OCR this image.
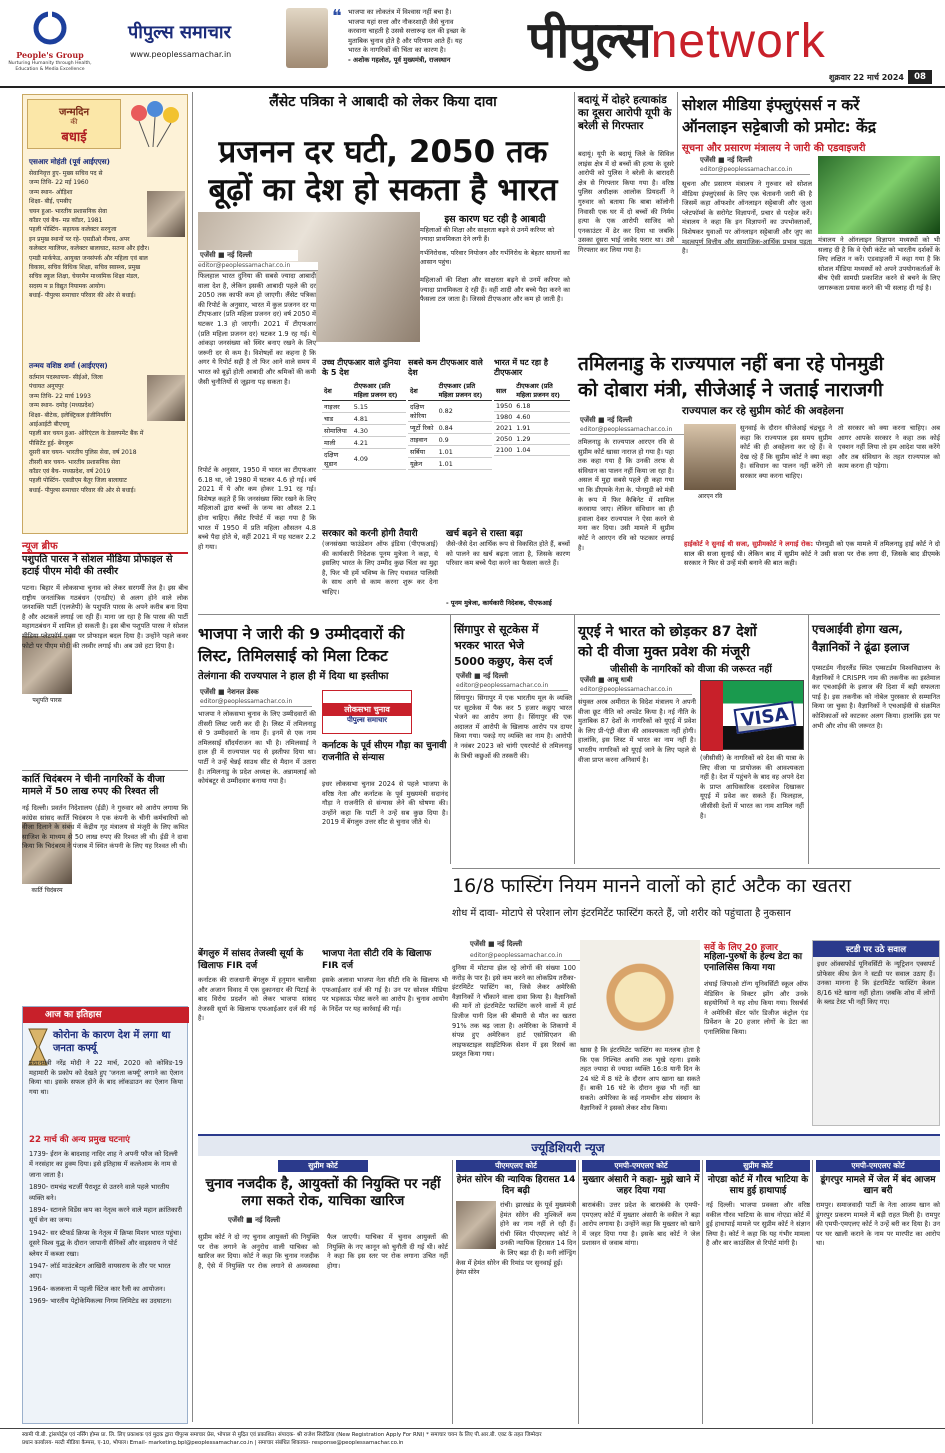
People's Group
Nurturing Humanity through Health, Education & Media Excellence
पीपुल्स समाचार
www.peoplessamachar.in
❝ भाजपा का लोकतंत्र में विश्वास नहीं बचा है।
भाजपा यहां सत्ता और नौकरशाही जैसे चुनाव
करवाना चाहती है उससे सत्तारूढ़ दल की इच्छा के
मुताबिक चुनाव होते है और परिणाम आते हैं। यह
भारत के नागरिकों की चिंता का कारण है।
- अशोक गहलोत, पूर्व मुख्यमंत्री, राजस्थान	पीपुल्सnetwork
शुक्रवार 22 मार्च 2024	08
जन्मदिन
की
बधाई
एसआर मोहंती (पूर्व आईएएस)
सेवानिवृत्त हुए- मुख्य सचिव पद से
जन्म तिथि- 22 मई 1960
जन्म स्थान- ओड़िशा
शिक्षा- बीई, एमबीए
चयन हुआ- भारतीय प्रशासनिक सेवा
कॉडर एवं बैच- मप्र कॉडर, 1981
पहली पोस्टिंग- सहायक कलेक्टर सरगुजा
इन प्रमुख स्थानों पर रहे- एसडीओ नीमच, अपर
कलेक्टर ग्वालियर, कलेक्टर बालाघाट, सतना और इंदौर।
एमडी मार्कफेड, आयुक्त जनसंपर्क और महिला एवं बाल
विकास, सचिव विधिक शिक्षा, सचिव स्वास्थ्य, प्रमुख
सचिव स्कूल शिक्षा, चेयरमैन माध्यमिक शिक्षा मंडल,
सदस्य म प्र विद्युत नियामक आयोग।
बधाई- पीपुल्स समाचार परिवार की ओर से बधाई।
तन्मय वशिष्ठ शर्मा (आईएएस)
वर्तमान पदस्थापना- सीईओ, जिला
पंचायत अनूपपुर
जन्म तिथि- 22 मार्च 1993
जन्म स्थान- दमोह (मध्यप्रदेश)
शिक्षा- बीटेक, इलेक्ट्रिकल इंजीनियरिंग
आईआईटी बीएचयू
पहली बार चयन हुआ- ओरिएंटल के डेवलपमेंट बैंक में
पीसिटेंट हुई- बेंगलुरू
दूसरी बार चयन- भारतीय पुलिस सेवा, वर्ष 2018
तीसरी बार चयन- भारतीय प्रशासनिक सेवा
कॉडर एवं बैच- मध्यप्रदेश, वर्ष 2019
पहली पोस्टिंग- एसडीएम बैतूर जिला बालाघाट
बधाई- पीपुल्स समाचार परिवार की ओर से बधाई।
न्यूज ब्रीफ
पशुपति पारस ने सोशल मीडिया प्रोफाइल से हटाई पीएम मोदी की तस्वीर
पशुपति पारस
पटना। बिहार में लोकसभा चुनाव को लेकर सरगर्मी तेज है। इस बीच राष्ट्रीय जनतांत्रिक गठबंधन (एनडीए) से अलग होने वाले लोक जनशक्ति पार्टी (एलजेपी) के पशुपति पारस के अपने करीब बना दिया है और अटकलें लगाई जा रही हैं। माना जा रहा है कि पारस की पार्टी महागठबंधन में शामिल हो सकती है। इस बीच पशुपति पारस ने सोशल मीडिया प्लेटफॉर्म एक्स पर प्रोफाइल बदल दिया है। उन्होंने पहले कवर फोटो पर पीएम मोदी की तस्वीर लगाई थी। अब उसे हटा दिया है।
कार्ति चिदंबरम ने चीनी नागरिकों के वीजा मामले में 50 लाख रुपए की रिश्वत ली
कार्ति चिदंबरम
नई दिल्ली। प्रवर्तन निदेशालय (ईडी) ने गुरुवार को आरोप लगाया कि कांग्रेस सांसद कार्ति चिदंबरम ने एक कंपनी के चीनी कर्मचारियों को वीजा दिलाने के संबंध में केंद्रीय गृह मंत्रालय से मंजूरी के लिए कथित साजिश के माध्यम से 50 लाख रुपए की रिश्वत ली थी। ईडी ने दावा किया कि चिदंबरम ने पंजाब में स्थित कंपनी के लिए यह रिश्वत ली थी।
आज का इतिहास
कोरोना के कारण देश में लगा था जनता कर्फ्यू
प्रधानमंत्री नरेंद्र मोदी ने 22 मार्च, 2020 को कोविड-19 महामारी के प्रकोप को देखते हुए 'जनता कर्फ्यू' लगाने का ऐलान किया था। इसके सफल होने के बाद लॉकडाउन का ऐलान किया गया था।
22 मार्च की अन्य प्रमुख घटनाएं
1739- ईरान के बादशाह नादिर शाह ने अपनी फौज को दिल्ली में नरसंहार का हुक्म दिया। इसे इतिहास में कत्लेआम के नाम से जाना जाता है।
1890- रामचंद्र चटर्जी पैराशूट से उतरने वाले पहले भारतीय व्यक्ति बने।
1894- स्टानले विडेंस कप का नेतृत्व करने वाले महान क्रांतिकारी सूर्य सेन का जन्म।
1942- सर स्टैफर्ड क्रिप्स के नेतृत्व में क्रिप्स मिशन भारत पहुंचा। दूसरे विश्व युद्ध के दौरान जापानी सैनिकों और वाइसराय ने पोर्ट ब्लेयर में कब्जा रखा।
1947- लॉर्ड माउंटबेटन आखिरी वायसराय के तौर पर भारत आए।
1964- कलकत्ता में पहली विंटेज कार रैली का आयोजन।
1969- भारतीय पेट्रोकेमिकल्स निगम लिमिटेड का उदघाटन।
लैंसेट पत्रिका ने आबादी को लेकर किया दावा
प्रजनन दर घटी, 2050 तक
बूढ़ों का देश हो सकता है भारत
इस कारण घट रही है आबादी
महिलाओं की शिक्षा और साक्षरता बढ़ने से उनमें करियर को ज्यादा प्राथमिकता देने लगी हैं।
गर्भनिरोधक, परिवार नियोजन और गर्भनिरोध के बेहतर साधनों का आसान पहुंच।
एजेंसी ■ नई दिल्ली
editor@peoplessamachar.co.in
फिलहाल भारत दुनिया की सबसे ज्यादा आबादी वाला देश है, लेकिन इसकी आबादी पहले की दर 2050 तक काफी कम हो जाएगी। लैंसेट पत्रिका की रिपोर्ट के अनुसार, भारत में कुल प्रजनन दर या टीएफआर (प्रति महिला प्रजनन दर) वर्ष 2050 में घटकर 1.3 हो जाएगी। 2021 में टीएफआर (प्रति महिला प्रजनन दर) घटकर 1.9 रह गई। ये आंकड़ा जनसंख्या को स्थिर बनाए रखने के लिए जरूरी दर से कम है। विशेषज्ञों का कहना है कि अगर ये रिपोर्ट सही है तो फिर आने वाले समय में भारत को बूढ़ों होती आबादी और श्रमिकों की कमी जैसी चुनौतियों से जूझना पड़ सकता है।
रिपोर्ट के अनुसार, 1950 में भारत का टीएफआर 6.18 था, जो 1980 में घटकर 4.6 हो गई। वर्ष 2021 में ये और कम होकर 1.91 रह गई। विशेषज्ञ कहते हैं कि जनसंख्या स्थिर रखने के लिए महिलाओं द्वारा बच्चों के जन्म का औसत 2.1 होना चाहिए। लैंसेट रिपोर्ट में कहा गया है कि भारत में 1950 में प्रति महिला औसतन 4.8 बच्चे पैदा होते थे, वहीं 2021 में यह घटकर 2.2 हो गया।
महिलाओं की शिक्षा और साक्षरता बढ़ने से उनमें करियर को ज्यादा प्राथमिकता दे रही हैं। वहीं शादी और बच्चे पैदा करने का फैसला टल जाता है। जिससे टीएफआर और कम हो जाती है।
उच्च टीएफआर वाले दुनिया के 5 देश
देश	टीएफआर (प्रति महिला प्रजनन दर)
नाइजर	5.15
चाड	4.81
सोमालिया	4.30
माली	4.21
दक्षिण सूडान	4.09
सबसे कम टीएफआर वाले देश
देश	टीएफआर (प्रति महिला प्रजनन दर)
दक्षिण कोरिया	0.82
प्यूर्टो रिको	0.84
ताइवान	0.9
सर्बिया	1.01
यूक्रेन	1.01
भारत में घट रहा है टीएफआर
साल	टीएफआर (प्रति महिला प्रजनन दर)
1950	6.18
1980	4.60
2021	1.91
2050	1.29
2100	1.04
सरकार को करनी होगी तैयारी
(जनसंख्या फाउंडेशन ऑफ इंडिया (पीएफआई) की कार्यकारी निदेशक पूनम मुत्रेजा ने कहा, ये इसलिए भारत के लिए उम्मीद कुछ चिंता का मुद्दा है, फिर भी हमें भविष्य के लिए यथावत पालिसी के साथ आगे से काम करना शुरू कर देना चाहिए।
खर्च बढ़ने से रास्ता बढ़ा
जैसे-जैसे देश आर्थिक रूप से विकसित होते हैं, बच्चों को पालने का खर्च बढ़ता जाता है, जिसके कारण परिवार कम बच्चे पैदा करने का फैसला करते हैं।
- पूनम मुत्रेजा, कार्यकारी निदेशक, पीएफआई
बदायूं में दोहरे हत्याकांड का दूसरा आरोपी यूपी के बरेली से गिरफ्तार
बदायूं। यूपी के बदायूं जिले के सिविल लाइंस क्षेत्र में दो बच्चों की हत्या के दूसरे आरोपी को पुलिस ने बरेली के बारादरी क्षेत्र से गिरफ्तार किया गया है। वरिष्ठ पुलिस अधीक्षक आलोक प्रियदर्शी ने गुरुवार को बताया कि बाबा कॉलोनी निवासी एक घर में दो बच्चों की निर्मम हत्या के एक आरोपी साजिद को एनकाउंटर में ढेर कर दिया था जबकि उसका दूसरा भाई जावेद फरार था। उसे गिरफ्तार कर लिया गया है।
सोशल मीडिया इंफ्लुएंसर्स न करें
ऑनलाइन सट्टेबाजी को प्रमोट: केंद्र
सूचना और प्रसारण मंत्रालय ने जारी की एडवाइजरी
एजेंसी ■ नई दिल्ली
editor@peoplessamachar.co.in
सूचना और प्रसारण मंत्रालय ने गुरुवार को सोशल मीडिया इंफ्लुएंसर्स के लिए एक चेतावनी जारी की है जिसमें कहा ऑफशोर ऑनलाइन सट्टेबाजी और जुआ प्लेटफॉर्म्स के सरोगेट विज्ञापनों, प्रचार से परहेज करें। मंत्रालय ने कहा कि इन विज्ञापनों का उपभोक्ताओं, विशेषकर युवाओं पर ऑनलाइन सट्टेबाजी और जुए का महत्वपूर्ण वित्तीय और सामाजिक-आर्थिक प्रभाव पड़ता है।
मंत्रालय ने ऑनलाइन विज्ञापन मध्यस्थों को भी सलाह दी है कि वे ऐसी कंटेंट को भारतीय दर्शकों के लिए लक्षित न करें। एडवाइजरी में कहा गया है कि सोशल मीडिया मध्यस्थों को अपने उपयोगकर्ताओं के बीच ऐसी सामग्री प्रकाशित करने से बचने के लिए जागरूकता प्रयास करने की भी सलाह दी गई है।
तमिलनाडु के राज्यपाल नहीं बना रहे पोनमुडी
को दोबारा मंत्री, सीजेआई ने जताई नाराजगी
राज्यपाल कर रहे सुप्रीम कोर्ट की अवहेलना
एजेंसी ■ नई दिल्ली
editor@peoplessamachar.co.in
तमिलनाडु के राज्यपाल आरएन रवि से सुप्रीम कोर्ट खासा नाराज हो गया है। पहा तक कहा गया है कि उनकी तरफ से संविधान का पालन नहीं किया जा रहा है। असल में मुद्दा सबसे पहले ही कहा गया था कि डीएमके नेता के. पोनमुडी को मंत्री के रूप में फिर कैबिनेट में शामिल करवाया जाए। लेकिन संविधान का ही हवाला देकर राज्यपाल ने ऐसा करने से मना कर दिया। उसी मामले में सुप्रीम कोर्ट ने आरएन रवि को फटकार लगाई है।
आरएन रवि
सुनवाई के दौरान सीजेआई चंद्रचूड़ ने कहा कि राज्यपाल इस समय सुप्रीम कोर्ट की ही अवहेलना कर रहे हैं। वे देख रहे हैं कि सुप्रीम कोर्ट ने क्या कहा है। संविधान का पालन नहीं करेंगे तो सरकार क्या करना चाहिए।
तो सरकार को क्या करना चाहिए। अब आगर आपके सरकार ने कहा तक कोई एक्शन नहीं लिया तो हम आदेश पास करेंगे और तब संविधान के तहत राज्यपाल को काम करना ही पड़ेगा।
हाईकोर्ट ने सुनाई थी सजा, सुप्रीमकोर्ट ने लगाई रोक: पोनमुडी को एक मामले में तमिलनाडु हाई कोर्ट ने दो साल की सजा सुनाई थी। लेकिन बाद में सुप्रीम कोर्ट ने उसी सजा पर रोक लगा दी, जिसके बाद डीएमके सरकार ने फिर से उन्हें मंत्री बनाने की बात कही।
भाजपा ने जारी की 9 उम्मीदवारों की
लिस्ट, तिमिलसाई को मिला टिकट
तेलंगाना की राज्यपाल ने हाल ही में दिया था इस्तीफा
एजेंसी ■ नेशनल डेस्क
editor@peoplessamachar.co.in
भाजपा ने लोकसभा चुनाव के लिए उम्मीदवारों की तीसरी लिस्ट जारी कर दी है। लिस्ट में तमिलनाडु से 9 उम्मीदवारों के नाम हैं। इनमें से एक नाम तमिलसाई सौंदर्यराजन का भी है। तमिलसाई ने हाल ही में राज्यपाल पद से इस्तीफा दिया था। पार्टी ने उन्हें चेन्नई साउथ सीट से मैदान में उतारा है। तमिलनाडु के प्रदेश अध्यक्ष के. अन्नामलाई को कोयंबटूर से उम्मीदवार बनाया गया है।
लोकसभा चुनाव
पीपुल्स समाचार
कर्नाटक के पूर्व सीएम गौड़ा का चुनावी राजनीति से संन्यास
इधर लोकसभा चुनाव 2024 से पहले भाजपा के वरिष्ठ नेता और कर्नाटक के पूर्व मुख्यमंत्री सदानंद गौड़ा ने राजनीति से संन्यास लेने की घोषणा की। उन्होंने कहा कि पार्टी ने उन्हें सब कुछ दिया है। 2019 में बेंगलुरु उत्तर सीट से चुनाव जीते थे।
बेंगलुरु में सांसद तेजस्वी सूर्या के खिलाफ FIR दर्ज
कर्नाटक की राजधानी बेंगलुरु में हनुमान चालीसा और अजान विवाद में एक दुकानदार की पिटाई के बाद विरोध प्रदर्शन को लेकर भाजपा सांसद तेजस्वी सूर्या के खिलाफ एफआईआर दर्ज की गई है।
भाजपा नेता सीटी रवि के खिलाफ FIR दर्ज
इसके अलावा भाजपा नेता सीटी रवि के खिलाफ भी एफआईआर दर्ज की गई है। उन पर सोशल मीडिया पर भड़काऊ पोस्ट करने का आरोप है। चुनाव आयोग के निर्देश पर यह कार्रवाई की गई।
सिंगापुर से सूटकेस में
भरकर भारत भेजे
5000 कछुए, केस दर्ज
एजेंसी ■ नई दिल्ली
editor@peoplessamachar.co.in
सिंगापुर। सिंगापुर में एक भारतीय मूल के व्यक्ति पर सूटकेस में पैक कर 5 हजार कछुए भारत भेजने का आरोप लगा है। सिंगापुर की एक अदालत में आरोपी के खिलाफ आरोप पत्र दायर किया गया। पकड़े गए व्यक्ति का नाम है। आरोपी ने नवंबर 2023 को चांगी एयरपोर्ट से तमिलनाडु के त्रिची कछुओं की तस्करी की।
यूएई ने भारत को छोड़कर 87 देशों
को दी वीजा मुक्त प्रवेश की मंजूरी
जीसीसी के नागरिकों को वीजा की जरूरत नहीं
एजेंसी ■ आबू धाबी
editor@peoplessamachar.co.in
संयुक्त अरब अमीरात के विदेश मंत्रालय ने अपनी वीजा छूट नीति को अपडेट किया है। नई नीति के मुताबिक 87 देशों के नागरिकों को यूएई में प्रवेश के लिए प्री-एंट्री वीजा की आवश्यकता नहीं होगी। हालांकि, इस लिस्ट में भारत का नाम नहीं है। भारतीय नागरिकों को यूएई जाने के लिए पहले से वीजा प्राप्त करना अनिवार्य है।
VISA
(जीसीसी) के नागरिकों को देश की यात्रा के लिए वीजा या प्रायोजक की आवश्यकता नहीं है। देश में पहुंचने के बाद वह अपने देश के प्राप्त आधिकारिक दस्तावेज दिखाकर यूएई में प्रवेश कर सकते हैं। फिलहाल, जीसीसी देशों में भारत का नाम शामिल नहीं है।
एचआईवी होगा खत्म,
वैज्ञानिकों ने ढूंढा इलाज
एम्सटर्डम नीदरलैंड स्थित एम्सटर्डम विश्वविद्यालय के वैज्ञानिकों ने CRISPR नाम की तकनीक का इस्तेमाल कर एचआईवी के इलाज की दिशा में बड़ी सफलता पाई है। इस तकनीक को नोबेल पुरस्कार से सम्मानित किया जा चुका है। वैज्ञानिकों ने एचआईवी से संक्रमित कोशिकाओं को काटकर अलग किया। हालांकि इस पर अभी और शोध की जरूरत है।
16/8 फास्टिंग नियम मानने वालों को हार्ट अटैक का खतरा
शोध में दावा- मोटापे से परेशान लोग इंटरमिटेंट फास्टिंग करते हैं, जो शरीर को पहुंचाता है नुकसान
एजेंसी ■ नई दिल्ली
editor@peoplessamachar.co.in
दुनिया में मोटापा झेल रहे लोगों की संख्या 100 करोड़ के पार है। इसे कम करने का लोकप्रिय तरीका- इंटरमिटेंट फास्टिंग का, जिसे लेकर अमेरिकी वैज्ञानिकों ने चौंकाने वाला दावा किया है। वैज्ञानिकों की मानें तो इंटरमिटेंट फास्टिंग करने वालों में हार्ट डिजीज यानी दिल की बीमारी से मौत का खतरा 91% तक बढ़ जाता है। अमेरिका के शिकागो में संपन्न हुए अमेरिकन हार्ट एसोसिएशन की लाइफस्टाइल साइंटिफिक सेशन में इस रिसर्च का प्रस्तुत किया गया।
खास है कि इंटरमिटेंट फास्टिंग का मतलब होता है कि एक निश्चित अवधि तक भूखे रहना। इसके तहत ज्यादा से ज्यादा व्यक्ति 16:8 यानी दिन के 24 घंटे में 8 घंटे के दौरान आप खाना खा सकते हैं। बाकी 16 घंटे के दौरान कुछ भी नहीं खा सकते। अमेरिका के कई नामचीन शोध संस्थान के वैज्ञानिकों ने इसको लेकर शोध किया।
सर्वे के लिए 20 हजार
महिला-पुरुषों के हेल्थ डेटा का एनालिसिस किया गया
शंघाई जियाओ टॉन्ग यूनिवर्सिटी स्कूल ऑफ मेडिसिन के विक्टर झोंग और उनके सहयोगियों ने यह शोध किया गया। रिसर्चर्स ने अमेरिकी सेंटर फॉर डिजीज कंट्रोल एंड प्रिवेंशन के 20 हजार लोगों के डेटा का एनालिसिस किया।
स्टडी पर उठे सवाल
इधर ऑक्सफोर्ड यूनिवर्सिटी के न्यूट्रिशन एक्सपर्ट प्रोफेसर कीथ फ्रेन ने स्टडी पर सवाल उठाए हैं। उनका मानना है कि इंटरमिटेंट फास्टिंग केवल 8/16 घंटे खाना नहीं होता। जबकि शोध में लोगों के ब्लड टेस्ट भी नहीं किए गए।
ज्यूडिशियरी न्यूज
सुप्रीम कोर्ट
चुनाव नजदीक है, आयुक्तों की नियुक्ति पर नहीं लगा सकते रोक, याचिका खारिज
एजेंसी ■ नई दिल्ली
सुप्रीम कोर्ट ने दो नए चुनाव आयुक्तों की नियुक्ति पर रोक लगाने के अनुरोध वाली याचिका को खारिज कर दिया। कोर्ट ने कहा कि चुनाव नजदीक है, ऐसे में नियुक्ति पर रोक लगाने से अव्यवस्था फैल जाएगी। याचिका में चुनाव आयुक्तों की नियुक्ति के नए कानून को चुनौती दी गई थी। कोर्ट ने कहा कि इस स्तर पर रोक लगाना उचित नहीं होगा।
पीएमएलए कोर्ट
हेमंत सोरेन की न्यायिक हिरासत 14 दिन बढ़ी
रांची। झारखंड के पूर्व मुख्यमंत्री हेमंत सोरेन की मुश्किलें कम होने का नाम नहीं ले रही हैं। रांची स्थित पीएमएलए कोर्ट ने उनकी न्यायिक हिरासत 14 दिन के लिए बढ़ा दी है। मनी लॉन्ड्रिंग केस में हेमंत सोरेन की रिमांड पर सुनवाई हुई।
हेमंत सोरेन
एमपी-एमएलए कोर्ट
मुख्तार अंसारी ने कहा- मुझे खाने में जहर दिया गया
बाराबंकी। उत्तर प्रदेश के बाराबंकी के एमपी-एमएलए कोर्ट में मुख्तार अंसारी के वकील ने बड़ा आरोप लगाया है। उन्होंने कहा कि मुख्तार को खाने में जहर दिया गया है। इसके बाद कोर्ट ने जेल प्रशासन से जवाब मांगा।
सुप्रीम कोर्ट
नोएडा कोर्ट में गौरव भाटिया के साथ हुई हाथापाई
नई दिल्ली। भाजपा प्रवक्ता और वरिष्ठ वकील गौरव भाटिया के साथ नोएडा कोर्ट में हुई हाथापाई मामले पर सुप्रीम कोर्ट ने संज्ञान लिया है। कोर्ट ने कहा कि यह गंभीर मामला है और बार काउंसिल से रिपोर्ट मांगी है।
एमपी-एमएलए कोर्ट
डूंगरपुर मामले में जेल में बंद आजम खान बरी
रामपुर। समाजवादी पार्टी के नेता आजम खान को डूंगरपुर प्रकरण मामले में बड़ी राहत मिली है। रामपुर की एमपी-एमएलए कोर्ट ने उन्हें बरी कर दिया है। उन पर घर खाली कराने के नाम पर मारपीट का आरोप था।
स्वामी पी.बी. ट्रांसपोर्ट्स एवं नर्सिंग होम्स प्रा. लि. लिए प्रकाशक एवं मुद्रक द्वारा पीपुल्स समाचार प्रेस, भोपाल से मुद्रित एवं प्रकाशित। संपादक- श्री राजेश सिरोठिया (New Registration Apply For RNI) * समाचार चयन के लिए पी.आर.बी. एक्ट के तहत जिम्मेदार
प्रधान कार्यालय- मल्टी मीडिया कैम्पस, ए-10, भोपाल। Email- marketing.bpl@peoplessamachar.co.in | समाचार संबंधित शिकायत- response@peoplessamachar.co.in
